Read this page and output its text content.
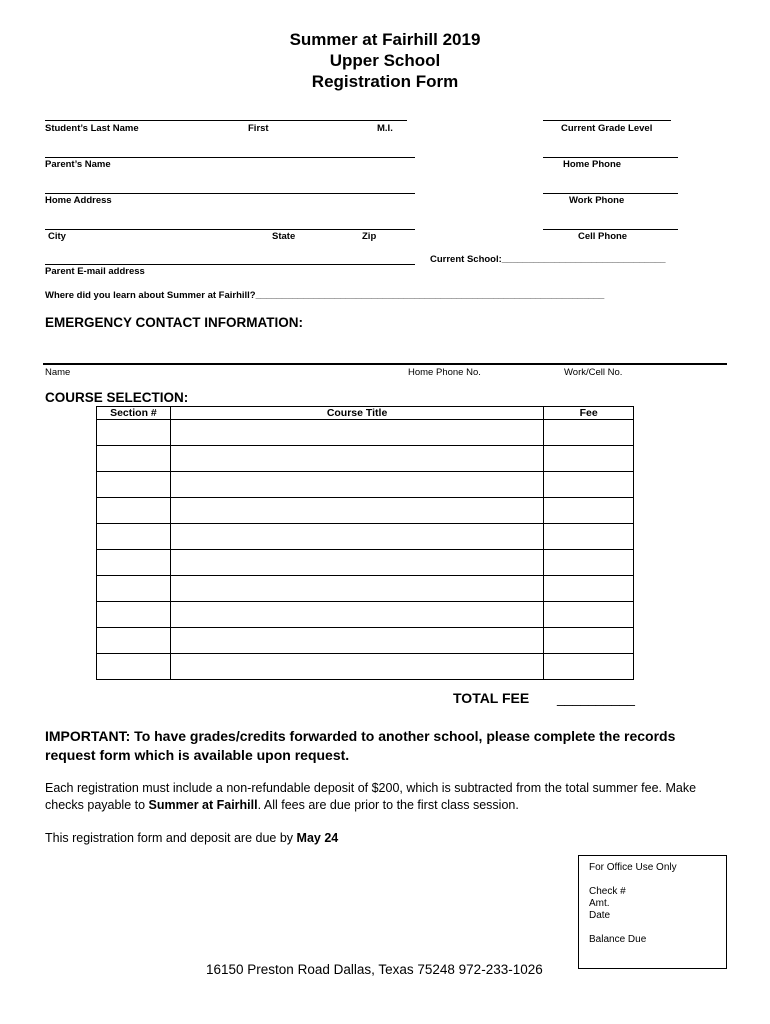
Summer at Fairhill 2019
Upper School
Registration Form
Student’s Last Name	First	M.I.	Current Grade Level
Parent’s Name	Home Phone
Home Address	Work Phone
City	State	Zip	Cell Phone
Current School:_______________________________
Parent E-mail address
Where did you learn about Summer at Fairhill?__________________________________________________________________
EMERGENCY CONTACT INFORMATION:
Name	Home Phone No.	Work/Cell No.
COURSE SELECTION:
Section #	Course Title	Fee

TOTAL FEE __________
IMPORTANT: To have grades/credits forwarded to another school, please complete the records request form which is available upon request.
Each registration must include a non-refundable deposit of $200, which is subtracted from the total summer fee. Make checks payable to Summer at Fairhill. All fees are due prior to the first class session.
This registration form and deposit are due by May 24
For Office Use Only
Check #
Amt.
Date
Balance Due
16150 Preston Road Dallas, Texas 75248 972-233-1026
